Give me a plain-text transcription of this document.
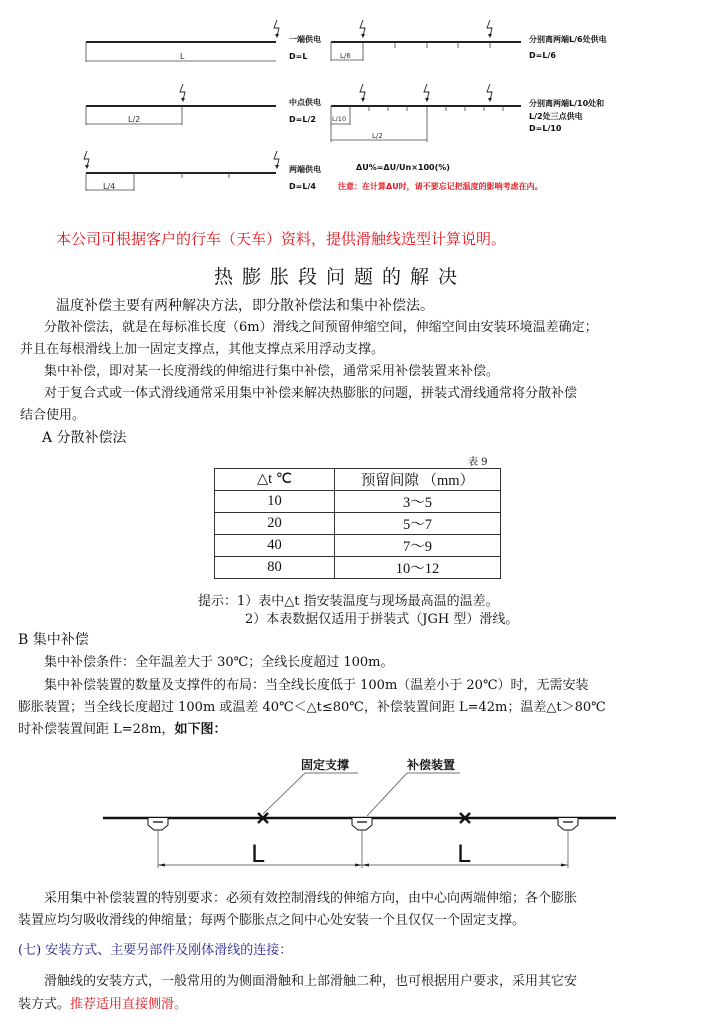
L
L/2
L/4
L/6
L/10
L/2
一端供电
D=L
中点供电
D=L/2
两端供电
D=L/4
分别离两端L/6处供电
D=L/6
分别离两端L/10处和
L/2处三点供电
D=L/10
ΔU%=ΔU/Un×100(%)
注意：在计算ΔU时，请不要忘记把温度的影响考虑在内。
本公司可根据客户的行车（天车）资料，提供滑触线选型计算说明。
热膨胀段问题的解决
温度补偿主要有两种解决方法，即分散补偿法和集中补偿法。
分散补偿法，就是在每标准长度（6m）滑线之间预留伸缩空间，伸缩空间由安装环境温差确定；
并且在每根滑线上加一固定支撑点，其他支撑点采用浮动支撑。
集中补偿，即对某一长度滑线的伸缩进行集中补偿，通常采用补偿装置来补偿。
对于复合式或一体式滑线通常采用集中补偿来解决热膨胀的问题，拼装式滑线通常将分散补偿
结合使用。
A 分散补偿法
表 9
△t ℃	预留间隙 （mm）
10	3～5
20	5～7
40	7～9
80	10～12
提示：1）表中△t 指安装温度与现场最高温的温差。
2）本表数据仅适用于拼装式（JGH 型）滑线。
B 集中补偿
集中补偿条件：全年温差大于 30℃；全线长度超过 100m。
集中补偿装置的数量及支撑件的布局：当全线长度低于 100m（温差小于 20℃）时，无需安装
膨胀装置；当全线长度超过 100m 或温差 40℃＜△t≤80℃，补偿装置间距 L=42m；温差△t＞80℃
时补偿装置间距 L=28m，如下图：
L	L
固定支撑	补偿装置
采用集中补偿装置的特别要求：必须有效控制滑线的伸缩方向，由中心向两端伸缩；各个膨胀
装置应均匀吸收滑线的伸缩量；每两个膨胀点之间中心处安装一个且仅仅一个固定支撑。
(七) 安装方式、主要另部件及刚体滑线的连接：
滑触线的安装方式，一般常用的为侧面滑触和上部滑触二种，也可根据用户要求，采用其它安
装方式。推荐适用直接侧滑。
